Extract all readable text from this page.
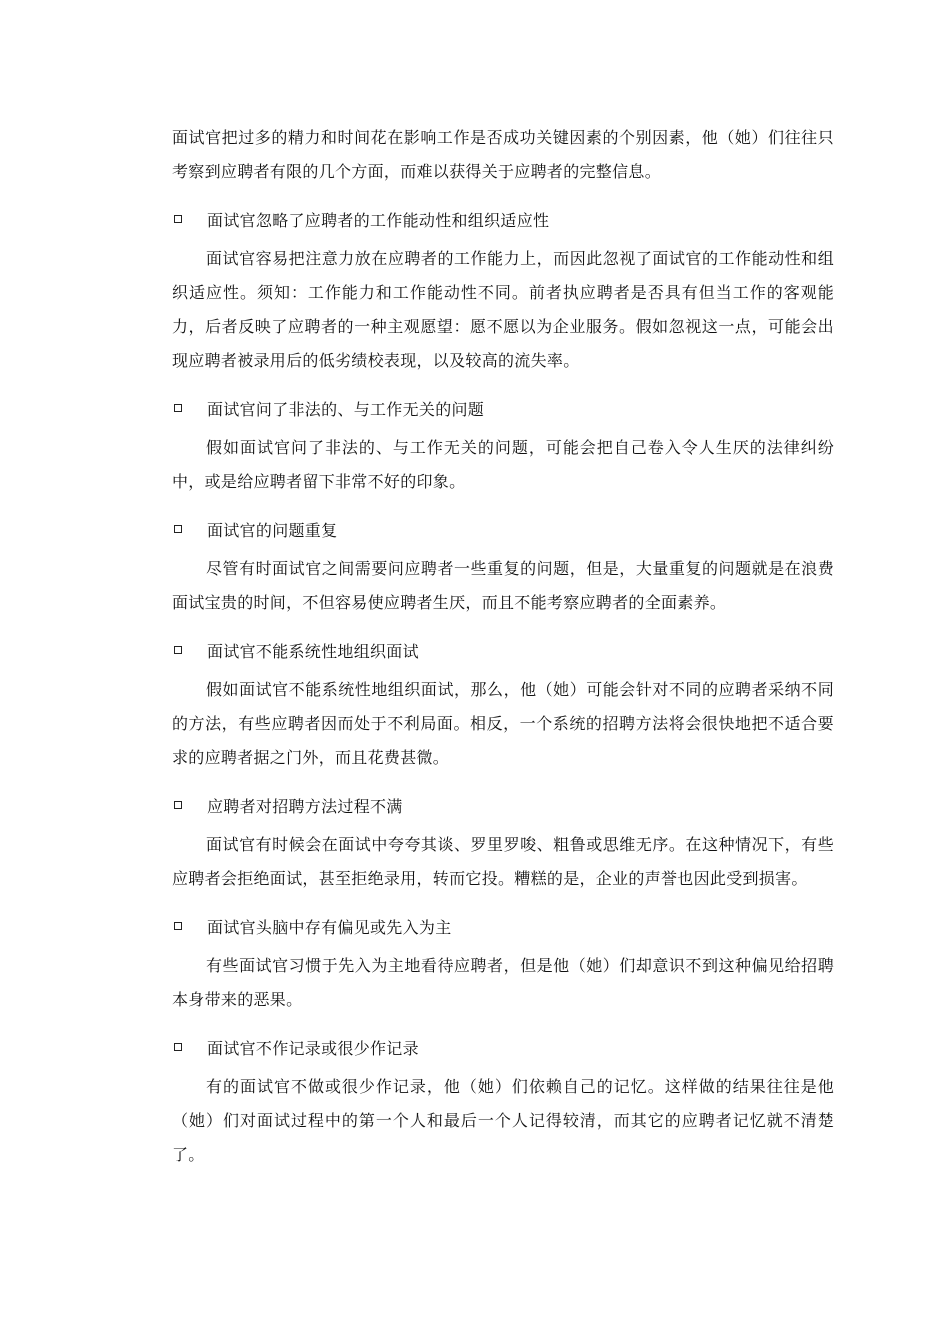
面试官把过多的精力和时间花在影响工作是否成功关键因素的个别因素，他（她）们往往只考察到应聘者有限的几个方面，而难以获得关于应聘者的完整信息。

面试官忽略了应聘者的工作能动性和组织适应性

面试官容易把注意力放在应聘者的工作能力上，而因此忽视了面试官的工作能动性和组织适应性。须知：工作能力和工作能动性不同。前者执应聘者是否具有但当工作的客观能力，后者反映了应聘者的一种主观愿望：愿不愿以为企业服务。假如忽视这一点，可能会出现应聘者被录用后的低劣绩校表现，以及较高的流失率。

面试官问了非法的、与工作无关的问题

假如面试官问了非法的、与工作无关的问题，可能会把自己卷入令人生厌的法律纠纷中，或是给应聘者留下非常不好的印象。

面试官的问题重复

尽管有时面试官之间需要问应聘者一些重复的问题，但是，大量重复的问题就是在浪费面试宝贵的时间，不但容易使应聘者生厌，而且不能考察应聘者的全面素养。

面试官不能系统性地组织面试

假如面试官不能系统性地组织面试，那么，他（她）可能会针对不同的应聘者采纳不同的方法，有些应聘者因而处于不利局面。相反，一个系统的招聘方法将会很快地把不适合要求的应聘者据之门外，而且花费甚微。

应聘者对招聘方法过程不满

面试官有时候会在面试中夸夸其谈、罗里罗唆、粗鲁或思维无序。在这种情况下，有些应聘者会拒绝面试，甚至拒绝录用，转而它投。糟糕的是，企业的声誉也因此受到损害。

面试官头脑中存有偏见或先入为主

有些面试官习惯于先入为主地看待应聘者，但是他（她）们却意识不到这种偏见给招聘本身带来的恶果。

面试官不作记录或很少作记录

有的面试官不做或很少作记录，他（她）们依赖自己的记忆。这样做的结果往往是他（她）们对面试过程中的第一个人和最后一个人记得较清，而其它的应聘者记忆就不清楚了。
